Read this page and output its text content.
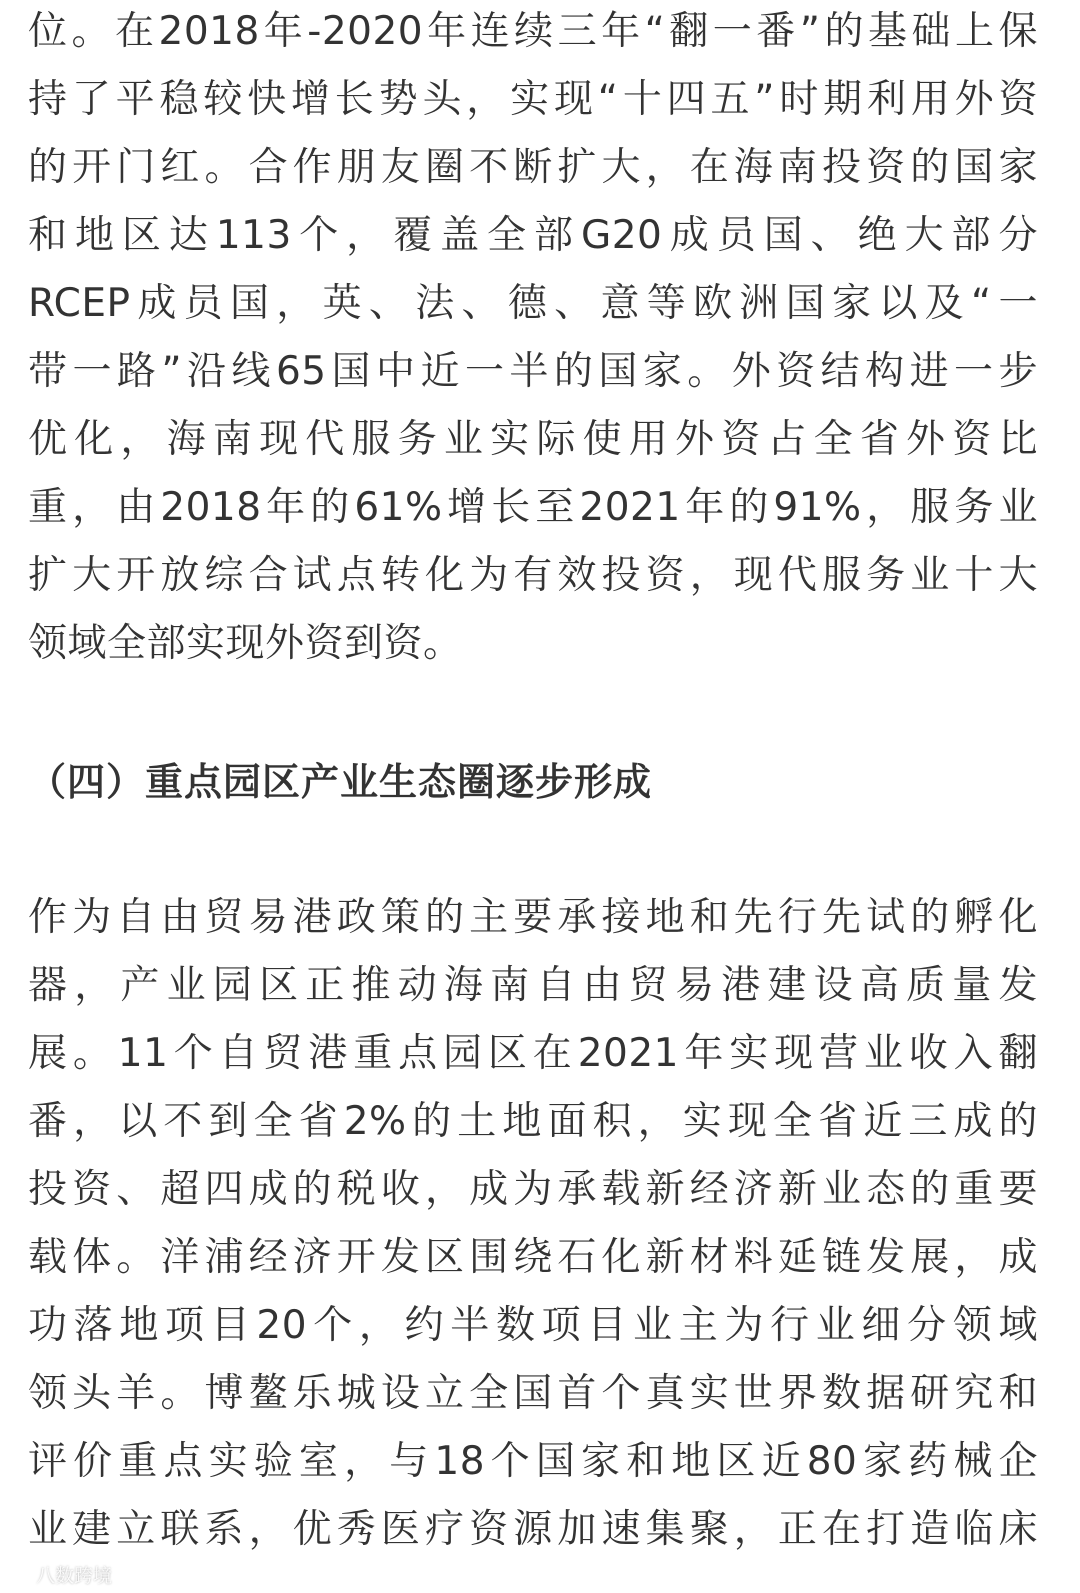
位。在2018年-2020年连续三年“翻一番”的基础上保
持了平稳较快增长势头，实现“十四五”时期利用外资
的开门红。合作朋友圈不断扩大，在海南投资的国家
和地区达113个，覆盖全部G20成员国、绝大部分
RCEP成员国，英、法、德、意等欧洲国家以及“一
带一路”沿线65国中近一半的国家。外资结构进一步
优化，海南现代服务业实际使用外资占全省外资比
重，由2018年的61%增长至2021年的91%，服务业
扩大开放综合试点转化为有效投资，现代服务业十大
领域全部实现外资到资。
（四）重点园区产业生态圈逐步形成
作为自由贸易港政策的主要承接地和先行先试的孵化
器，产业园区正推动海南自由贸易港建设高质量发
展。11个自贸港重点园区在2021年实现营业收入翻
番，以不到全省2%的土地面积，实现全省近三成的
投资、超四成的税收，成为承载新经济新业态的重要
载体。洋浦经济开发区围绕石化新材料延链发展，成
功落地项目20个，约半数项目业主为行业细分领域
领头羊。博鳌乐城设立全国首个真实世界数据研究和
评价重点实验室，与18个国家和地区近80家药械企
业建立联系，优秀医疗资源加速集聚，正在打造临床
八数跨境
